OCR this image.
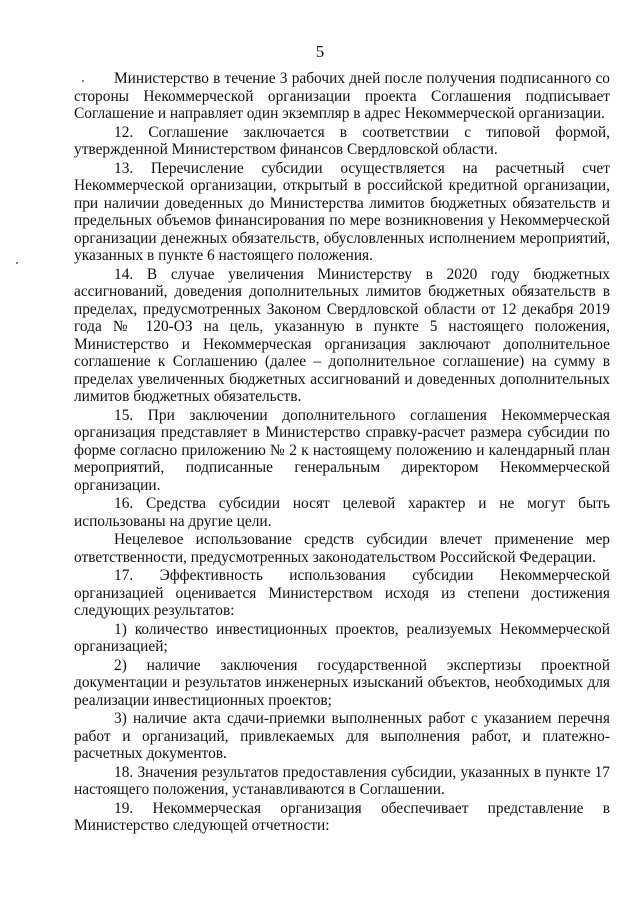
5

Министерство в течение 3 рабочих дней после получения подписанного со стороны Некоммерческой организации проекта Соглашения подписывает Соглашение и направляет один экземпляр в адрес Некоммерческой организации.

12. Соглашение заключается в соответствии с типовой формой, утвержденной Министерством финансов Свердловской области.

13. Перечисление субсидии осуществляется на расчетный счет Некоммерческой организации, открытый в российской кредитной организации, при наличии доведенных до Министерства лимитов бюджетных обязательств и предельных объемов финансирования по мере возникновения у Некоммерческой организации денежных обязательств, обусловленных исполнением мероприятий, указанных в пункте 6 настоящего положения.

14. В случае увеличения Министерству в 2020 году бюджетных ассигнований, доведения дополнительных лимитов бюджетных обязательств в пределах, предусмотренных Законом Свердловской области от 12 декабря 2019 года № 120-ОЗ на цель, указанную в пункте 5 настоящего положения, Министерство и Некоммерческая организация заключают дополнительное соглашение к Соглашению (далее – дополнительное соглашение) на сумму в пределах увеличенных бюджетных ассигнований и доведенных дополнительных лимитов бюджетных обязательств.

15. При заключении дополнительного соглашения Некоммерческая организация представляет в Министерство справку-расчет размера субсидии по форме согласно приложению № 2 к настоящему положению и календарный план мероприятий, подписанные генеральным директором Некоммерческой организации.

16. Средства субсидии носят целевой характер и не могут быть использованы на другие цели.

Нецелевое использование средств субсидии влечет применение мер ответственности, предусмотренных законодательством Российской Федерации.

17. Эффективность использования субсидии Некоммерческой организацией оценивается Министерством исходя из степени достижения следующих результатов:

1) количество инвестиционных проектов, реализуемых Некоммерческой организацией;

2) наличие заключения государственной экспертизы проектной документации и результатов инженерных изысканий объектов, необходимых для реализации инвестиционных проектов;

3) наличие акта сдачи-приемки выполненных работ с указанием перечня работ и организаций, привлекаемых для выполнения работ, и платежно-расчетных документов.

18. Значения результатов предоставления субсидии, указанных в пункте 17 настоящего положения, устанавливаются в Соглашении.

19. Некоммерческая организация обеспечивает представление в Министерство следующей отчетности:
